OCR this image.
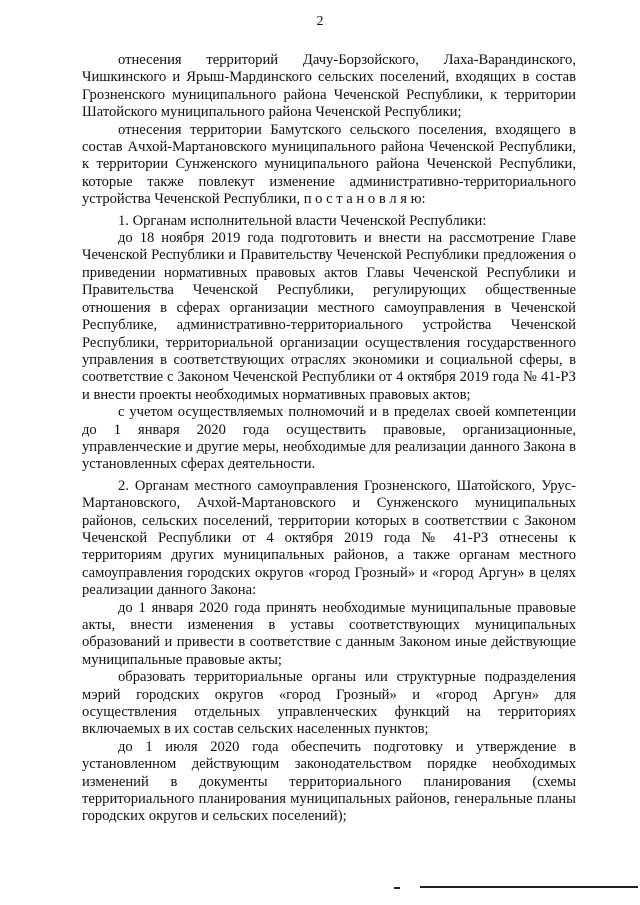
2

отнесения территорий Дачу-Борзойского, Лаха-Варандинского, Чишкинского и Ярыш-Мардинского сельских поселений, входящих в состав Грозненского муниципального района Чеченской Республики, к территории Шатойского муниципального района Чеченской Республики;

отнесения территории Бамутского сельского поселения, входящего в состав Ачхой-Мартановского муниципального района Чеченской Республики, к территории Сунженского муниципального района Чеченской Республики, которые также повлекут изменение административно-территориального устройства Чеченской Республики, п о с т а н о в л я ю:

1. Органам исполнительной власти Чеченской Республики:

до 18 ноября 2019 года подготовить и внести на рассмотрение Главе Чеченской Республики и Правительству Чеченской Республики предложения о приведении нормативных правовых актов Главы Чеченской Республики и Правительства Чеченской Республики, регулирующих общественные отношения в сферах организации местного самоуправления в Чеченской Республике, административно-территориального устройства Чеченской Республики, территориальной организации осуществления государственного управления в соответствующих отраслях экономики и социальной сферы, в соответствие с Законом Чеченской Республики от 4 октября 2019 года № 41-РЗ и внести проекты необходимых нормативных правовых актов;

с учетом осуществляемых полномочий и в пределах своей компетенции до 1 января 2020 года осуществить правовые, организационные, управленческие и другие меры, необходимые для реализации данного Закона в установленных сферах деятельности.

2. Органам местного самоуправления Грозненского, Шатойского, Урус-Мартановского, Ачхой-Мартановского и Сунженского муниципальных районов, сельских поселений, территории которых в соответствии с Законом Чеченской Республики от 4 октября 2019 года № 41-РЗ отнесены к территориям других муниципальных районов, а также органам местного самоуправления городских округов «город Грозный» и «город Аргун» в целях реализации данного Закона:

до 1 января 2020 года принять необходимые муниципальные правовые акты, внести изменения в уставы соответствующих муниципальных образований и привести в соответствие с данным Законом иные действующие муниципальные правовые акты;

образовать территориальные органы или структурные подразделения мэрий городских округов «город Грозный» и «город Аргун» для осуществления отдельных управленческих функций на территориях включаемых в их состав сельских населенных пунктов;

до 1 июля 2020 года обеспечить подготовку и утверждение в установленном действующим законодательством порядке необходимых изменений в документы территориального планирования (схемы территориального планирования муниципальных районов, генеральные планы городских округов и сельских поселений);
